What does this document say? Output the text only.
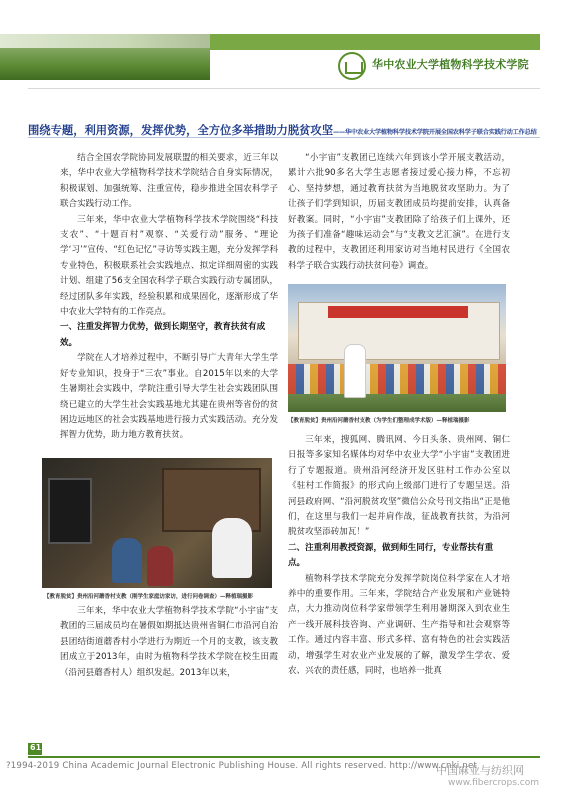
华中农业大学植物科学技术学院
围绕专题，利用资源，发挥优势，全方位多举措助力脱贫攻坚——华中农业大学植物科学技术学院开展全国农科学子联合实践行动工作总结

结合全国农学院协同发展联盟的相关要求，近三年以来，华中农业大学植物科学技术学院结合自身实际情况，积极谋划、加强统筹、注重宣传，稳步推进全国农科学子联合实践行动工作。

三年来，华中农业大学植物科学技术学院围绕“科技支农”、“十题百村”观察、“关爱行动”服务、“理论学‘习’”宣传、“红色记忆”寻访等实践主题，充分发挥学科专业特色，积极联系社会实践地点、拟定详细周密的实践计划、组建了56支全国农科学子联合实践行动专属团队，经过团队多年实践，经验积累和成果固化，逐渐形成了华中农业大学特有的工作亮点。

一、注重发挥智力优势，做到长期坚守，教育扶贫有成效。

学院在人才培养过程中，不断引导广大青年大学生学好专业知识，投身于“三农”事业。自2015年以来的大学生暑期社会实践中，学院注重引导大学生社会实践团队围绕已建立的大学生社会实践基地尤其建在贵州等省份的贫困边远地区的社会实践基地进行接力式实践活动。充分发挥智力优势，助力地方教育扶贫。

【教育脱贫】贵州沿河蘑香村支教（刚学生家庭访家访，进行问卷调查）—释植瑞摄影

三年来，华中农业大学植物科学技术学院“小宇宙”支教团的三届成员均在暑假如期抵达贵州省铜仁市沿河自治县团结街道蘑香村小学进行为期近一个月的支教，该支教团成立于2013年，由时为植物科学技术学院在校生田霞（沿河县蘑香村人）组织发起。2013年以来，

“小宇宙”支教团已连续六年到该小学开展支教活动，累计六批90多名大学生志愿者接过爱心接力棒，不忘初心、坚持梦想，通过教育扶贫为当地脱贫攻坚助力。为了让孩子们学到知识，历届支教团成员均提前安排，认真备好教案。同时，“小宇宙”支教团除了给孩子们上课外，还为孩子们准备“趣味运动会”与“支教文艺汇演”。在进行支教的过程中，支教团还利用家访对当地村民进行《全国农科学子联合实践行动扶贫问卷》调查。

【教育脱贫】贵州沿河蘑香村支教（为学生们整理成学术版）—释植瑞摄影

三年来，搜狐网、腾讯网、今日头条、贵州网、铜仁日报等多家知名媒体均对华中农业大学“小宇宙”支教团进行了专题报道。贵州沿河经济开发区驻村工作办公室以《驻村工作简报》的形式向上级部门进行了专题呈送。沿河县政府网、“沿河脱贫攻坚”微信公众号刊文指出“正是他们，在这里与我们一起并肩作战，征战教育扶贫，为沿河脱贫攻坚添砖加瓦！”

二、注重利用教授资源，做到师生同行，专业帮扶有重点。

植物科学技术学院充分发挥学院岗位科学家在人才培养中的重要作用。三年来，学院结合产业发展和产业链特点，大力推动岗位科学家带领学生利用暑期深入到农业生产一线开展科技咨询、产业调研、生产指导和社会观察等工作。通过内容丰富、形式多样、富有特色的社会实践活动，增强学生对农业产业发展的了解，激发学生学农、爱农、兴农的责任感，同时，也培养一批真

61
?1994-2019 China Academic Journal Electronic Publishing House. All rights reserved. http://www.cnki.net
中国麻业与纺织网
www.fibercrops.com
